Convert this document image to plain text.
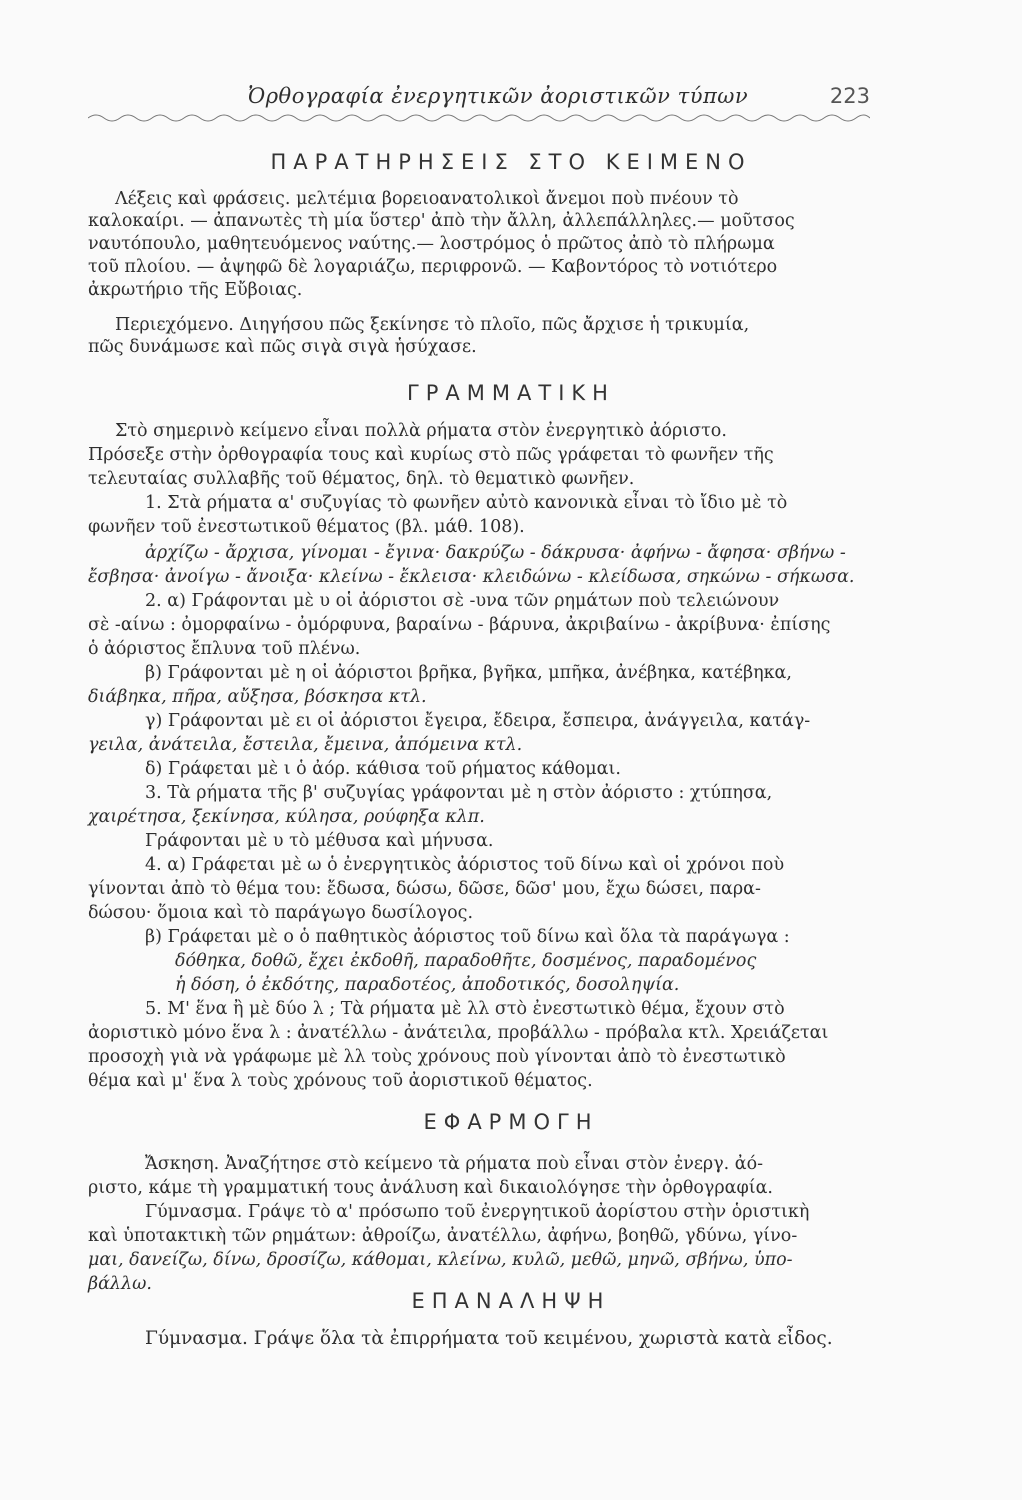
Ὀρθογραφία ἐνεργητικῶν ἀοριστικῶν τύπων	223
ΠΑΡΑΤΗΡΗΣΕΙΣ ΣΤΟ ΚΕΙΜΕΝΟ
Λέξεις καὶ φράσεις. μελτέμια βορειοανατολικοὶ ἄνεμοι ποὺ πνέουν τὸ
καλοκαίρι. — ἀπανωτὲς τὴ μία ὕστερ' ἀπὸ τὴν ἄλλη, ἀλλεπάλληλες.— μοῦτσος
ναυτόπουλο, μαθητευόμενος ναύτης.— λοστρόμος ὁ πρῶτος ἀπὸ τὸ πλήρωμα
τοῦ πλοίου. — ἀψηφῶ δὲ λογαριάζω, περιφρονῶ. — Καβοντόρος τὸ νοτιότερο
ἀκρωτήριο τῆς Εὔβοιας.
Περιεχόμενο. Διηγήσου πῶς ξεκίνησε τὸ πλοῖο, πῶς ἄρχισε ἡ τρικυμία,
πῶς δυνάμωσε καὶ πῶς σιγὰ σιγὰ ἡσύχασε.
ΓΡΑΜΜΑΤΙΚΗ
Στὸ σημερινὸ κείμενο εἶναι πολλὰ ρήματα στὸν ἐνεργητικὸ ἀόριστο.
Πρόσεξε στὴν ὀρθογραφία τους καὶ κυρίως στὸ πῶς γράφεται τὸ φωνῆεν τῆς
τελευταίας συλλαβῆς τοῦ θέματος, δηλ. τὸ θεματικὸ φωνῆεν.
1. Στὰ ρήματα α' συζυγίας τὸ φωνῆεν αὐτὸ κανονικὰ εἶναι τὸ ἴδιο μὲ τὸ
φωνῆεν τοῦ ἐνεστωτικοῦ θέματος (βλ. μάθ. 108).
ἀρχίζω - ἄρχισα, γίνομαι - ἔγινα· δακρύζω - δάκρυσα· ἀφήνω - ἄφησα· σβήνω -
ἔσβησα· ἀνοίγω - ἄνοιξα· κλείνω - ἔκλεισα· κλειδώνω - κλείδωσα, σηκώνω - σήκωσα.
2. α) Γράφονται μὲ υ οἱ ἀόριστοι σὲ -υνα τῶν ρημάτων ποὺ τελειώνουν
σὲ -αίνω : ὀμορφαίνω - ὀμόρφυνα, βαραίνω - βάρυνα, ἀκριβαίνω - ἀκρίβυνα· ἐπίσης
ὁ ἀόριστος ἔπλυνα τοῦ πλένω.
β) Γράφονται μὲ η οἱ ἀόριστοι βρῆκα, βγῆκα, μπῆκα, ἀνέβηκα, κατέβηκα,
διάβηκα, πῆρα, αὔξησα, βόσκησα κτλ.
γ) Γράφονται μὲ ει οἱ ἀόριστοι ἔγειρα, ἔδειρα, ἔσπειρα, ἀνάγγειλα, κατάγ-
γειλα, ἀνάτειλα, ἔστειλα, ἔμεινα, ἀπόμεινα κτλ.
δ) Γράφεται μὲ ι ὁ ἀόρ. κάθισα τοῦ ρήματος κάθομαι.
3. Τὰ ρήματα τῆς β' συζυγίας γράφονται μὲ η στὸν ἀόριστο : χτύπησα,
χαιρέτησα, ξεκίνησα, κύλησα, ρούφηξα κλπ.
Γράφονται μὲ υ τὸ μέθυσα καὶ μήνυσα.
4. α) Γράφεται μὲ ω ὁ ἐνεργητικὸς ἀόριστος τοῦ δίνω καὶ οἱ χρόνοι ποὺ
γίνονται ἀπὸ τὸ θέμα του: ἔδωσα, δώσω, δῶσε, δῶσ' μου, ἔχω δώσει, παρα-
δώσου· ὅμοια καὶ τὸ παράγωγο δωσίλογος.
β) Γράφεται μὲ ο ὁ παθητικὸς ἀόριστος τοῦ δίνω καὶ ὅλα τὰ παράγωγα :
δόθηκα, δοθῶ, ἔχει ἐκδοθῆ, παραδοθῆτε, δοσμένος, παραδομένος
ἡ δόση, ὁ ἐκδότης, παραδοτέος, ἀποδοτικός, δοσοληψία.
5. Μ' ἕνα ἢ μὲ δύο λ ; Τὰ ρήματα μὲ λλ στὸ ἐνεστωτικὸ θέμα, ἔχουν στὸ
ἀοριστικὸ μόνο ἕνα λ : ἀνατέλλω - ἀνάτειλα, προβάλλω - πρόβαλα κτλ. Χρειάζεται
προσοχὴ γιὰ νὰ γράφωμε μὲ λλ τοὺς χρόνους ποὺ γίνονται ἀπὸ τὸ ἐνεστωτικὸ
θέμα καὶ μ' ἕνα λ τοὺς χρόνους τοῦ ἀοριστικοῦ θέματος.
ΕΦΑΡΜΟΓΗ
Ἄσκηση. Ἀναζήτησε στὸ κείμενο τὰ ρήματα ποὺ εἶναι στὸν ἐνεργ. ἀό-
ριστο, κάμε τὴ γραμματική τους ἀνάλυση καὶ δικαιολόγησε τὴν ὀρθογραφία.
Γύμνασμα. Γράψε τὸ α' πρόσωπο τοῦ ἐνεργητικοῦ ἀορίστου στὴν ὁριστικὴ
καὶ ὑποτακτικὴ τῶν ρημάτων: ἀθροίζω, ἀνατέλλω, ἀφήνω, βοηθῶ, γδύνω, γίνο-
μαι, δανείζω, δίνω, δροσίζω, κάθομαι, κλείνω, κυλῶ, μεθῶ, μηνῶ, σβήνω, ὑπο-
βάλλω.
ΕΠΑΝΑΛΗΨΗ
Γύμνασμα. Γράψε ὅλα τὰ ἐπιρρήματα τοῦ κειμένου, χωριστὰ κατὰ εἶδος.
